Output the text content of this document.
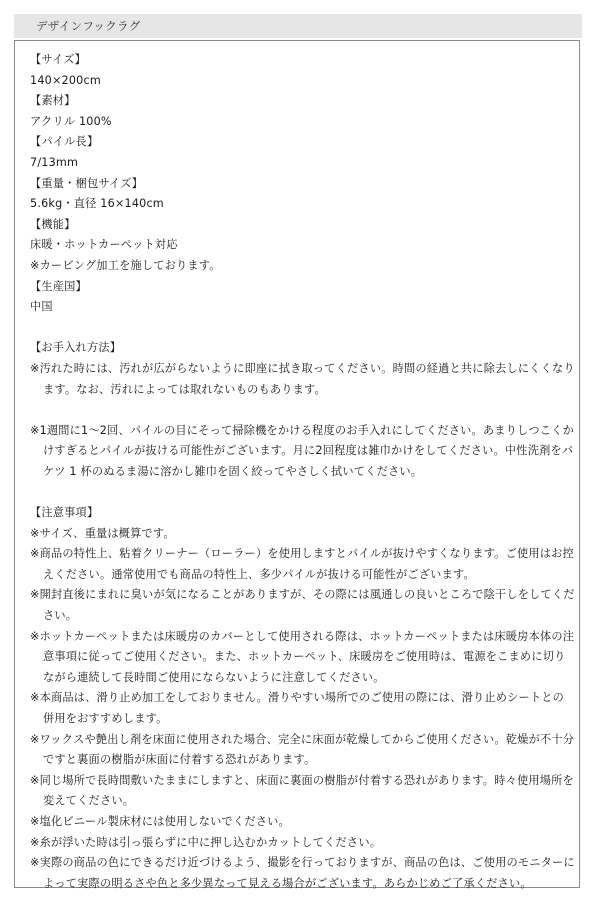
デザインフックラグ
【サイズ】
140×200cm
【素材】
アクリル 100%
【パイル長】
7/13mm
【重量・梱包サイズ】
5.6kg・直径 16×140cm
【機能】
床暖・ホットカーペット対応
※カービング加工を施しております。
【生産国】
中国
【お手入れ方法】
※汚れた時には、汚れが広がらないように即座に拭き取ってください。時間の経過と共に除去しにくくなります。なお、汚れによっては取れないものもあります。
※1週間に1～2回、パイルの目にそって掃除機をかける程度のお手入れにしてください。あまりしつこくかけすぎるとパイルが抜ける可能性がございます。月に2回程度は雑巾かけをしてください。中性洗剤をバケツ 1 杯のぬるま湯に溶かし雑巾を固く絞ってやさしく拭いてください。
【注意事項】
※サイズ、重量は概算です。
※商品の特性上、粘着クリーナー（ローラー）を使用しますとパイルが抜けやすくなります。ご使用はお控えください。通常使用でも商品の特性上、多少パイルが抜ける可能性がございます。
※開封直後にまれに臭いが気になることがありますが、その際には風通しの良いところで陰干しをしてください。
※ホットカーペットまたは床暖房のカバーとして使用される際は、ホットカーペットまたは床暖房本体の注意事項に従ってご使用ください。また、ホットカーペット、床暖房をご使用時は、電源をこまめに切りながら連続して長時間ご使用にならないように注意してください。
※本商品は、滑り止め加工をしておりません。滑りやすい場所でのご使用の際には、滑り止めシートとの併用をおすすめします。
※ワックスや艶出し剤を床面に使用された場合、完全に床面が乾燥してからご使用ください。乾燥が不十分ですと裏面の樹脂が床面に付着する恐れがあります。
※同じ場所で長時間敷いたままにしますと、床面に裏面の樹脂が付着する恐れがあります。時々使用場所を変えてください。
※塩化ビニール製床材には使用しないでください。
※糸が浮いた時は引っ張らずに中に押し込むかカットしてください。
※実際の商品の色にできるだけ近づけるよう、撮影を行っておりますが、商品の色は、ご使用のモニターによって実際の明るさや色と多少異なって見える場合がございます。あらかじめご了承ください。
